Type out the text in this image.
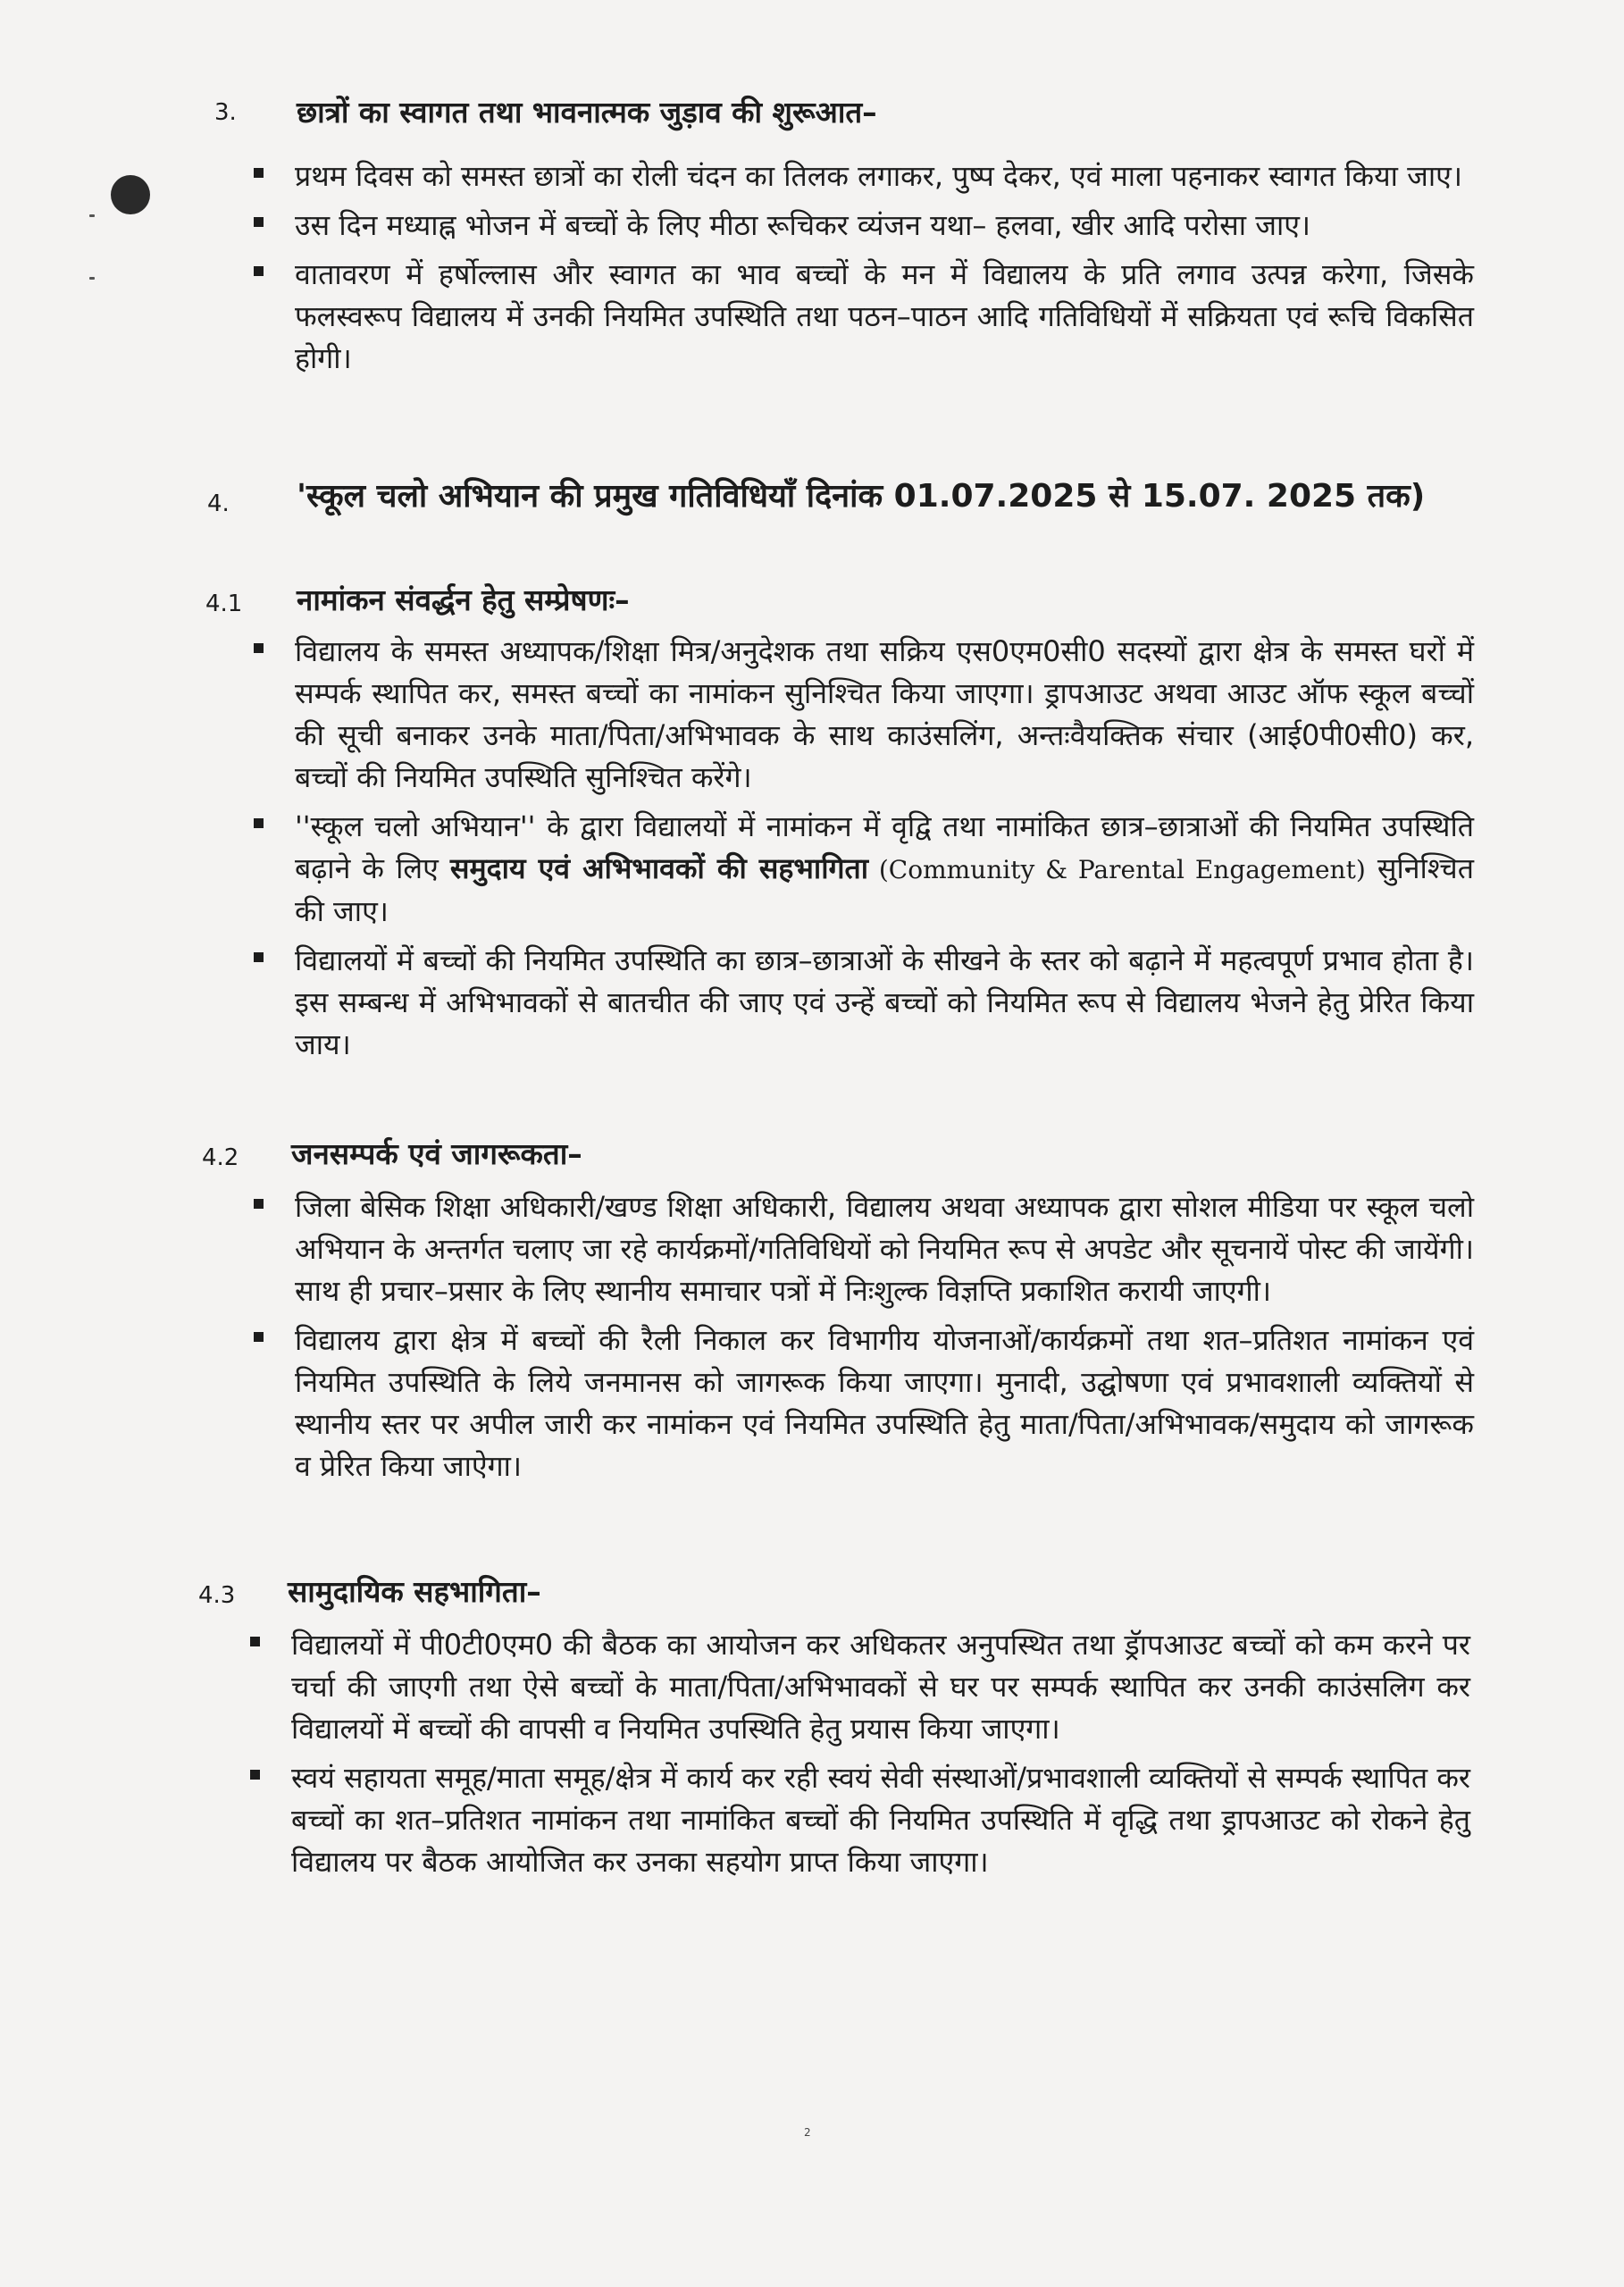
3. छात्रों का स्वागत तथा भावनात्मक जुड़ाव की शुरूआत–
प्रथम दिवस को समस्त छात्रों का रोली चंदन का तिलक लगाकर, पुष्प देकर, एवं माला पहनाकर स्वागत किया जाए।
उस दिन मध्याह्न भोजन में बच्चों के लिए मीठा रूचिकर व्यंजन यथा– हलवा, खीर आदि परोसा जाए।
वातावरण में हर्षोल्लास और स्वागत का भाव बच्चों के मन में विद्यालय के प्रति लगाव उत्पन्न करेगा, जिसके फलस्वरूप विद्यालय में उनकी नियमित उपस्थिति तथा पठन–पाठन आदि गतिविधियों में सक्रियता एवं रूचि विकसित होगी।
4. 'स्कूल चलो अभियान की प्रमुख गतिविधियाँ दिनांक 01.07.2025 से 15.07. 2025 तक)
4.1 नामांकन संवर्द्धन हेतु सम्प्रेषणः–
विद्यालय के समस्त अध्यापक/शिक्षा मित्र/अनुदेशक तथा सक्रिय एस0एम0सी0 सदस्यों द्वारा क्षेत्र के समस्त घरों में सम्पर्क स्थापित कर, समस्त बच्चों का नामांकन सुनिश्चित किया जाएगा। ड्रापआउट अथवा आउट ऑफ स्कूल बच्चों की सूची बनाकर उनके माता/पिता/अभिभावक के साथ काउंसलिंग, अन्तःवैयक्तिक संचार (आई0पी0सी0) कर, बच्चों की नियमित उपस्थिति सुनिश्चित करेंगे।
''स्कूल चलो अभियान'' के द्वारा विद्यालयों में नामांकन में वृद्वि तथा नामांकित छात्र–छात्राओं की नियमित उपस्थिति बढ़ाने के लिए समुदाय एवं अभिभावकों की सहभागिता (Community & Parental Engagement) सुनिश्चित की जाए।
विद्यालयों में बच्चों की नियमित उपस्थिति का छात्र–छात्राओं के सीखने के स्तर को बढ़ाने में महत्वपूर्ण प्रभाव होता है। इस सम्बन्ध में अभिभावकों से बातचीत की जाए एवं उन्हें बच्चों को नियमित रूप से विद्यालय भेजने हेतु प्रेरित किया जाय।
4.2 जनसम्पर्क एवं जागरूकता–
जिला बेसिक शिक्षा अधिकारी/खण्ड शिक्षा अधिकारी, विद्यालय अथवा अध्यापक द्वारा सोशल मीडिया पर स्कूल चलो अभियान के अन्तर्गत चलाए जा रहे कार्यक्रमों/गतिविधियों को नियमित रूप से अपडेट और सूचनायें पोस्ट की जायेंगी। साथ ही प्रचार–प्रसार के लिए स्थानीय समाचार पत्रों में निःशुल्क विज्ञप्ति प्रकाशित करायी जाएगी।
विद्यालय द्वारा क्षेत्र में बच्चों की रैली निकाल कर विभागीय योजनाओं/कार्यक्रमों तथा शत–प्रतिशत नामांकन एवं नियमित उपस्थिति के लिये जनमानस को जागरूक किया जाएगा। मुनादी, उद्घोषणा एवं प्रभावशाली व्यक्तियों से स्थानीय स्तर पर अपील जारी कर नामांकन एवं नियमित उपस्थिति हेतु माता/पिता/अभिभावक/समुदाय को जागरूक व प्रेरित किया जाऐगा।
4.3 सामुदायिक सहभागिता–
विद्यालयों में पी0टी0एम0 की बैठक का आयोजन कर अधिकतर अनुपस्थित तथा ड्रॅापआउट बच्चों को कम करने पर चर्चा की जाएगी तथा ऐसे बच्चों के माता/पिता/अभिभावकों से घर पर सम्पर्क स्थापित कर उनकी काउंसलिग कर विद्यालयों में बच्चों की वापसी व नियमित उपस्थिति हेतु प्रयास किया जाएगा।
स्वयं सहायता समूह/माता समूह/क्षेत्र में कार्य कर रही स्वयं सेवी संस्थाओं/प्रभावशाली व्यक्तियों से सम्पर्क स्थापित कर बच्चों का शत–प्रतिशत नामांकन तथा नामांकित बच्चों की नियमित उपस्थिति में वृद्धि तथा ड्रापआउट को रोकने हेतु विद्यालय पर बैठक आयोजित कर उनका सहयोग प्राप्त किया जाएगा।
2
